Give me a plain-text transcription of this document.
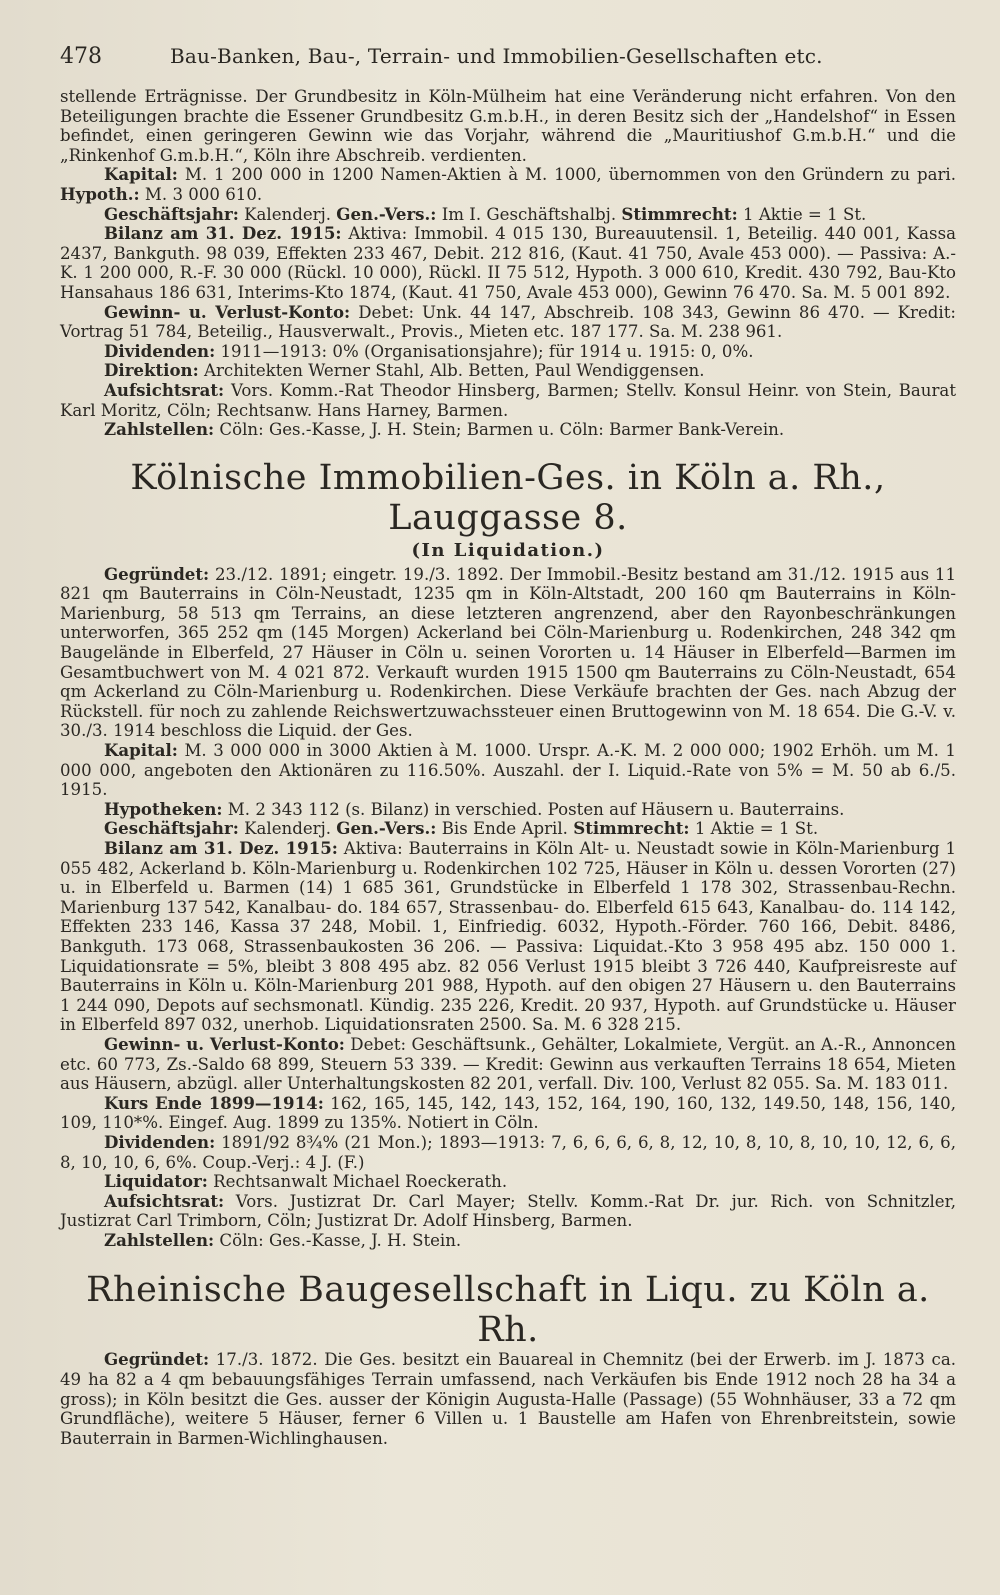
478	Bau-Banken, Bau-, Terrain- und Immobilien-Gesellschaften etc.

stellende Erträgnisse. Der Grundbesitz in Köln-Mülheim hat eine Veränderung nicht erfahren. Von den Beteiligungen brachte die Essener Grundbesitz G.m.b.H., in deren Besitz sich der „Handelshof“ in Essen befindet, einen geringeren Gewinn wie das Vorjahr, während die „Mauritiushof G.m.b.H.“ und die „Rinkenhof G.m.b.H.“, Köln ihre Abschreib. verdienten.

Kapital: M. 1 200 000 in 1200 Namen-Aktien à M. 1000, übernommen von den Gründern zu pari. Hypoth.: M. 3 000 610.

Geschäftsjahr: Kalenderj. Gen.-Vers.: Im I. Geschäftshalbj. Stimmrecht: 1 Aktie = 1 St.

Bilanz am 31. Dez. 1915: Aktiva: Immobil. 4 015 130, Bureauutensil. 1, Beteilig. 440 001, Kassa 2437, Bankguth. 98 039, Effekten 233 467, Debit. 212 816, (Kaut. 41 750, Avale 453 000). — Passiva: A.-K. 1 200 000, R.-F. 30 000 (Rückl. 10 000), Rückl. II 75 512, Hypoth. 3 000 610, Kredit. 430 792, Bau-Kto Hansahaus 186 631, Interims-Kto 1874, (Kaut. 41 750, Avale 453 000), Gewinn 76 470. Sa. M. 5 001 892.

Gewinn- u. Verlust-Konto: Debet: Unk. 44 147, Abschreib. 108 343, Gewinn 86 470. — Kredit: Vortrag 51 784, Beteilig., Hausverwalt., Provis., Mieten etc. 187 177. Sa. M. 238 961.

Dividenden: 1911—1913: 0% (Organisationsjahre); für 1914 u. 1915: 0, 0%.

Direktion: Architekten Werner Stahl, Alb. Betten, Paul Wendiggensen.

Aufsichtsrat: Vors. Komm.-Rat Theodor Hinsberg, Barmen; Stellv. Konsul Heinr. von Stein, Baurat Karl Moritz, Cöln; Rechtsanw. Hans Harney, Barmen.

Zahlstellen: Cöln: Ges.-Kasse, J. H. Stein; Barmen u. Cöln: Barmer Bank-Verein.

Kölnische Immobilien-Ges. in Köln a. Rh., Lauggasse 8.
(In Liquidation.)

Gegründet: 23./12. 1891; eingetr. 19./3. 1892. Der Immobil.-Besitz bestand am 31./12. 1915 aus 11 821 qm Bauterrains in Cöln-Neustadt, 1235 qm in Köln-Altstadt, 200 160 qm Bauterrains in Köln-Marienburg, 58 513 qm Terrains, an diese letzteren angrenzend, aber den Rayonbeschränkungen unterworfen, 365 252 qm (145 Morgen) Ackerland bei Cöln-Marienburg u. Rodenkirchen, 248 342 qm Baugelände in Elberfeld, 27 Häuser in Cöln u. seinen Vororten u. 14 Häuser in Elberfeld—Barmen im Gesamtbuchwert von M. 4 021 872. Verkauft wurden 1915 1500 qm Bauterrains zu Cöln-Neustadt, 654 qm Ackerland zu Cöln-Marienburg u. Rodenkirchen. Diese Verkäufe brachten der Ges. nach Abzug der Rückstell. für noch zu zahlende Reichswertzuwachssteuer einen Bruttogewinn von M. 18 654. Die G.-V. v. 30./3. 1914 beschloss die Liquid. der Ges.

Kapital: M. 3 000 000 in 3000 Aktien à M. 1000. Urspr. A.-K. M. 2 000 000; 1902 Erhöh. um M. 1 000 000, angeboten den Aktionären zu 116.50%. Auszahl. der I. Liquid.-Rate von 5% = M. 50 ab 6./5. 1915.

Hypotheken: M. 2 343 112 (s. Bilanz) in verschied. Posten auf Häusern u. Bauterrains.

Geschäftsjahr: Kalenderj. Gen.-Vers.: Bis Ende April. Stimmrecht: 1 Aktie = 1 St.

Bilanz am 31. Dez. 1915: Aktiva: Bauterrains in Köln Alt- u. Neustadt sowie in Köln-Marienburg 1 055 482, Ackerland b. Köln-Marienburg u. Rodenkirchen 102 725, Häuser in Köln u. dessen Vororten (27) u. in Elberfeld u. Barmen (14) 1 685 361, Grundstücke in Elberfeld 1 178 302, Strassenbau-Rechn. Marienburg 137 542, Kanalbau- do. 184 657, Strassenbau- do. Elberfeld 615 643, Kanalbau- do. 114 142, Effekten 233 146, Kassa 37 248, Mobil. 1, Einfriedig. 6032, Hypoth.-Förder. 760 166, Debit. 8486, Bankguth. 173 068, Strassenbaukosten 36 206. — Passiva: Liquidat.-Kto 3 958 495 abz. 150 000 1. Liquidationsrate = 5%, bleibt 3 808 495 abz. 82 056 Verlust 1915 bleibt 3 726 440, Kaufpreisreste auf Bauterrains in Köln u. Köln-Marienburg 201 988, Hypoth. auf den obigen 27 Häusern u. den Bauterrains 1 244 090, Depots auf sechsmonatl. Kündig. 235 226, Kredit. 20 937, Hypoth. auf Grundstücke u. Häuser in Elberfeld 897 032, unerhob. Liquidationsraten 2500. Sa. M. 6 328 215.

Gewinn- u. Verlust-Konto: Debet: Geschäftsunk., Gehälter, Lokalmiete, Vergüt. an A.-R., Annoncen etc. 60 773, Zs.-Saldo 68 899, Steuern 53 339. — Kredit: Gewinn aus verkauften Terrains 18 654, Mieten aus Häusern, abzügl. aller Unterhaltungskosten 82 201, verfall. Div. 100, Verlust 82 055. Sa. M. 183 011.

Kurs Ende 1899—1914: 162, 165, 145, 142, 143, 152, 164, 190, 160, 132, 149.50, 148, 156, 140, 109, 110*%. Eingef. Aug. 1899 zu 135%. Notiert in Cöln.

Dividenden: 1891/92 8¾% (21 Mon.); 1893—1913: 7, 6, 6, 6, 6, 8, 12, 10, 8, 10, 8, 10, 10, 12, 6, 6, 8, 10, 10, 6, 6%. Coup.-Verj.: 4 J. (F.)

Liquidator: Rechtsanwalt Michael Roeckerath.

Aufsichtsrat: Vors. Justizrat Dr. Carl Mayer; Stellv. Komm.-Rat Dr. jur. Rich. von Schnitzler, Justizrat Carl Trimborn, Cöln; Justizrat Dr. Adolf Hinsberg, Barmen.

Zahlstellen: Cöln: Ges.-Kasse, J. H. Stein.

Rheinische Baugesellschaft in Liqu. zu Köln a. Rh.

Gegründet: 17./3. 1872. Die Ges. besitzt ein Bauareal in Chemnitz (bei der Erwerb. im J. 1873 ca. 49 ha 82 a 4 qm bebauungsfähiges Terrain umfassend, nach Verkäufen bis Ende 1912 noch 28 ha 34 a gross); in Köln besitzt die Ges. ausser der Königin Augusta-Halle (Passage) (55 Wohnhäuser, 33 a 72 qm Grundfläche), weitere 5 Häuser, ferner 6 Villen u. 1 Baustelle am Hafen von Ehrenbreitstein, sowie Bauterrain in Barmen-Wichlinghausen.
